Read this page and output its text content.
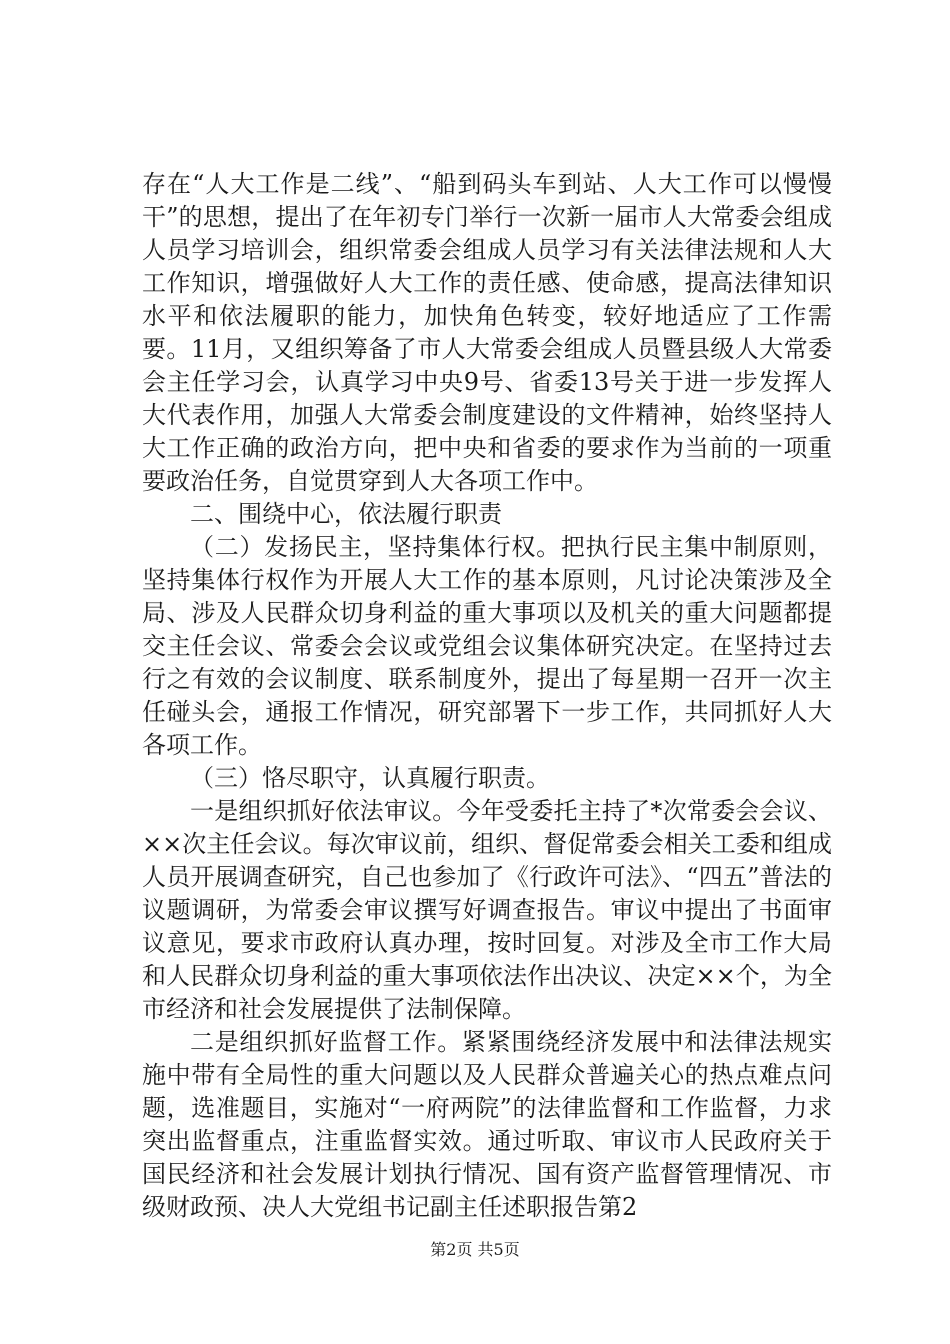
存在“人大工作是二线”、“船到码头车到站、人大工作可以慢慢干”的思想，提出了在年初专门举行一次新一届市人大常委会组成人员学习培训会，组织常委会组成人员学习有关法律法规和人大工作知识，增强做好人大工作的责任感、使命感，提高法律知识水平和依法履职的能力，加快角色转变，较好地适应了工作需要。11月，又组织筹备了市人大常委会组成人员暨县级人大常委会主任学习会，认真学习中央9号、省委13号关于进一步发挥人大代表作用，加强人大常委会制度建设的文件精神，始终坚持人大工作正确的政治方向，把中央和省委的要求作为当前的一项重要政治任务，自觉贯穿到人大各项工作中。

二、围绕中心，依法履行职责

（二）发扬民主，坚持集体行权。把执行民主集中制原则，坚持集体行权作为开展人大工作的基本原则，凡讨论决策涉及全局、涉及人民群众切身利益的重大事项以及机关的重大问题都提交主任会议、常委会会议或党组会议集体研究决定。在坚持过去行之有效的会议制度、联系制度外，提出了每星期一召开一次主任碰头会，通报工作情况，研究部署下一步工作，共同抓好人大各项工作。

（三）恪尽职守，认真履行职责。

一是组织抓好依法审议。今年受委托主持了*次常委会会议、××次主任会议。每次审议前，组织、督促常委会相关工委和组成人员开展调查研究，自己也参加了《行政许可法》、“四五”普法的议题调研，为常委会审议撰写好调查报告。审议中提出了书面审议意见，要求市政府认真办理，按时回复。对涉及全市工作大局和人民群众切身利益的重大事项依法作出决议、决定××个，为全市经济和社会发展提供了法制保障。

二是组织抓好监督工作。紧紧围绕经济发展中和法律法规实施中带有全局性的重大问题以及人民群众普遍关心的热点难点问题，选准题目，实施对“一府两院”的法律监督和工作监督，力求突出监督重点，注重监督实效。通过听取、审议市人民政府关于国民经济和社会发展计划执行情况、国有资产监督管理情况、市级财政预、决人大党组书记副主任述职报告第2

第2页 共5页
